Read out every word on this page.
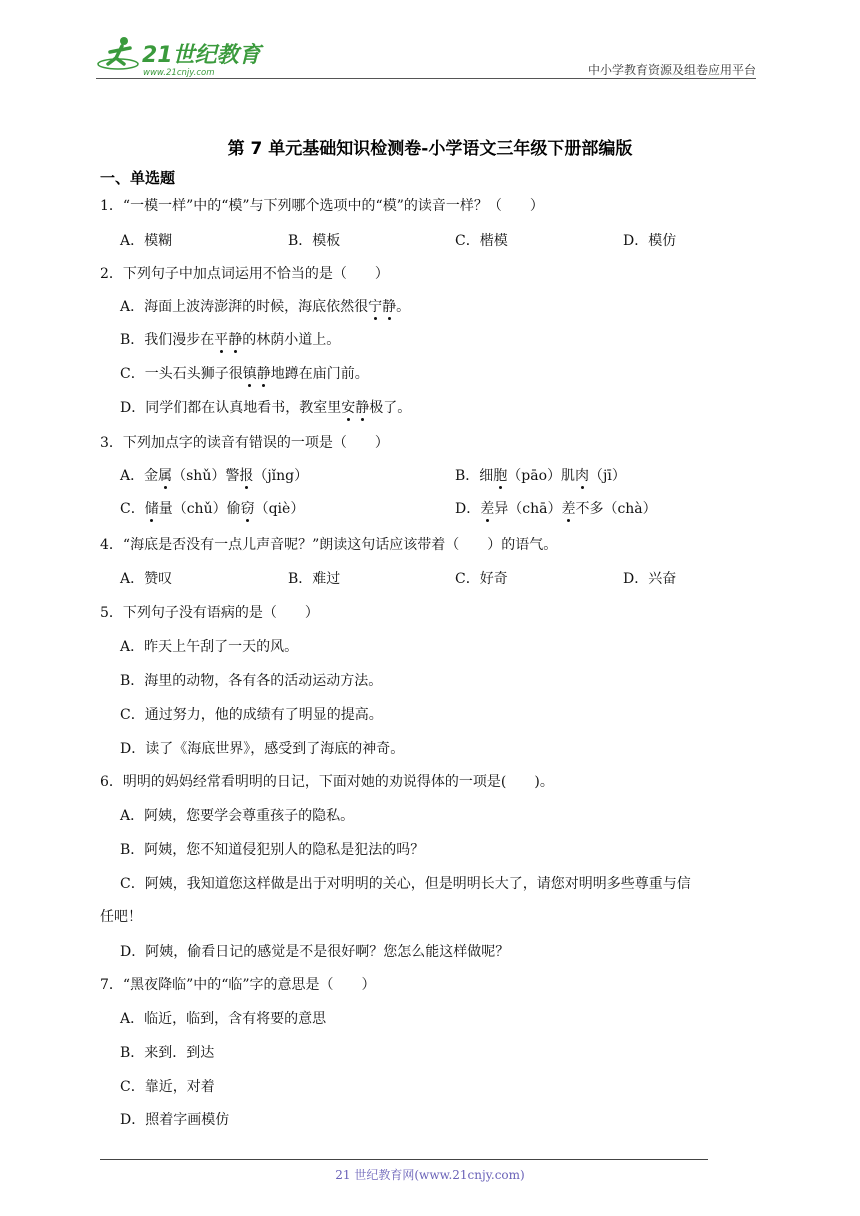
21世纪教育
www.21cnjy.com	中小学教育资源及组卷应用平台
第 7 单元基础知识检测卷-小学语文三年级下册部编版
一、单选题
1．“一模一样”中的“模”与下列哪个选项中的“模”的读音一样？（　　）
A．模糊	B．模板	C．楷模	D．模仿
2．下列句子中加点词运用不恰当的是（　　）
A．海面上波涛澎湃的时候，海底依然很宁静。
B．我们漫步在平静的林荫小道上。
C．一头石头狮子很镇静地蹲在庙门前。
D．同学们都在认真地看书，教室里安静极了。
3．下列加点字的读音有错误的一项是（　　）
A．金属（shǔ）警报（jǐng）	B．细胞（pāo）肌肉（jī）
C．储量（chǔ）偷窃（qiè）	D．差异（chā）差不多（chà）
4．“海底是否没有一点儿声音呢？”朗读这句话应该带着（　　）的语气。
A．赞叹	B．难过	C．好奇	D．兴奋
5．下列句子没有语病的是（　　）
A．昨天上午刮了一天的风。
B．海里的动物，各有各的活动运动方法。
C．通过努力，他的成绩有了明显的提高。
D．读了《海底世界》，感受到了海底的神奇。
6．明明的妈妈经常看明明的日记，下面对她的劝说得体的一项是(　　)。
A．阿姨，您要学会尊重孩子的隐私。
B．阿姨，您不知道侵犯别人的隐私是犯法的吗？
C．阿姨，我知道您这样做是出于对明明的关心，但是明明长大了，请您对明明多些尊重与信
任吧！
D．阿姨，偷看日记的感觉是不是很好啊？您怎么能这样做呢？
7．“黑夜降临”中的“临”字的意思是（　　）
A．临近，临到，含有将要的意思
B．来到．到达
C．靠近，对着
D．照着字画模仿
21 世纪教育网(www.21cnjy.com)
